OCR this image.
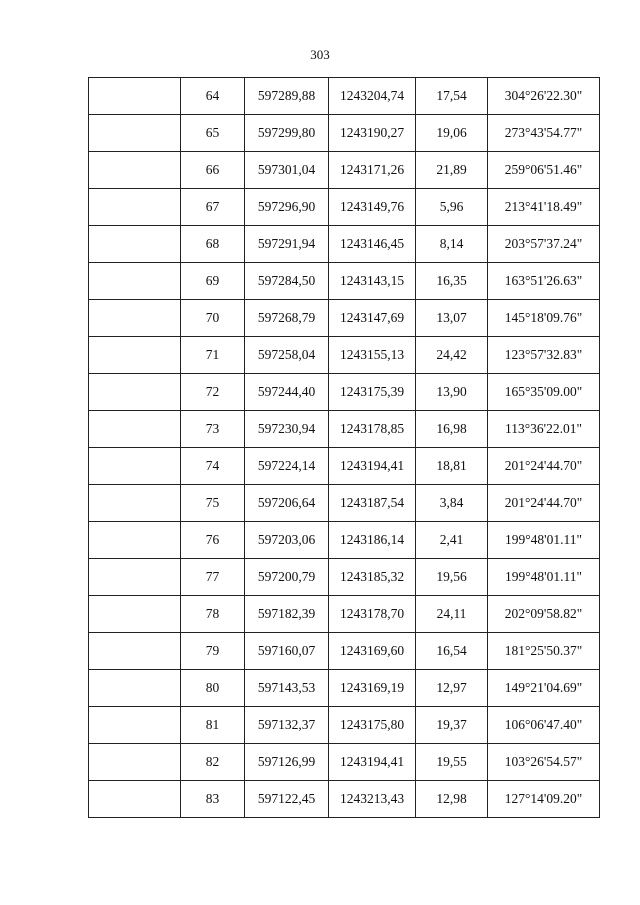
303
	64	597289,88	1243204,74	17,54	304°26'22.30"
	65	597299,80	1243190,27	19,06	273°43'54.77"
	66	597301,04	1243171,26	21,89	259°06'51.46"
	67	597296,90	1243149,76	5,96	213°41'18.49"
	68	597291,94	1243146,45	8,14	203°57'37.24"
	69	597284,50	1243143,15	16,35	163°51'26.63"
	70	597268,79	1243147,69	13,07	145°18'09.76"
	71	597258,04	1243155,13	24,42	123°57'32.83"
	72	597244,40	1243175,39	13,90	165°35'09.00"
	73	597230,94	1243178,85	16,98	113°36'22.01"
	74	597224,14	1243194,41	18,81	201°24'44.70"
	75	597206,64	1243187,54	3,84	201°24'44.70"
	76	597203,06	1243186,14	2,41	199°48'01.11"
	77	597200,79	1243185,32	19,56	199°48'01.11"
	78	597182,39	1243178,70	24,11	202°09'58.82"
	79	597160,07	1243169,60	16,54	181°25'50.37"
	80	597143,53	1243169,19	12,97	149°21'04.69"
	81	597132,37	1243175,80	19,37	106°06'47.40"
	82	597126,99	1243194,41	19,55	103°26'54.57"
	83	597122,45	1243213,43	12,98	127°14'09.20"
